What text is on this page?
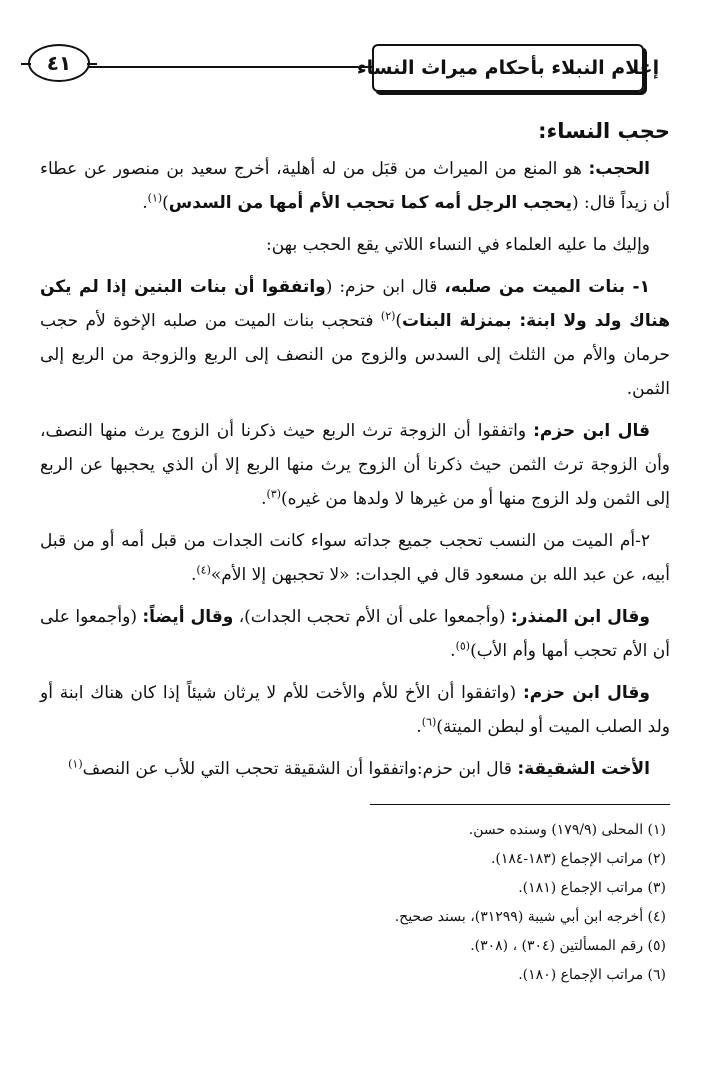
إعلام النبلاء بأحكام ميراث النساء
٤١
حجب النساء:

الحجب: هو المنع من الميراث من قبَل من له أهلية، أخرج سعيد بن منصور عن عطاء أن زيداً قال: (يحجب الرجل أمه كما تحجب الأم أمها من السدس)$^{(١)}$.

وإليك ما عليه العلماء في النساء اللاتي يقع الحجب بهن:

١- بنات الميت من صلبه، قال ابن حزم: (واتفقوا أن بنات البنين إذا لم يكن هناك ولد ولا ابنة: بمنزلة البنات)$^{(٢)}$ فتحجب بنات الميت من صلبه الإخوة لأم حجب حرمان والأم من الثلث إلى السدس والزوج من النصف إلى الربع والزوجة من الربع إلى الثمن.

قال ابن حزم: واتفقوا أن الزوجة ترث الربع حيث ذكرنا أن الزوج يرث منها النصف، وأن الزوجة ترث الثمن حيث ذكرنا أن الزوج يرث منها الربع إلا أن الذي يحجبها عن الربع إلى الثمن ولد الزوج منها أو من غيرها لا ولدها من غيره)$^{(٣)}$.

٢-أم الميت من النسب تحجب جميع جداته سواء كانت الجدات من قبل أمه أو من قبل أبيه، عن عبد الله بن مسعود قال في الجدات: «لا تحجبهن إلا الأم»$^{(٤)}$.

وقال ابن المنذر: (وأجمعوا على أن الأم تحجب الجدات)، وقال أيضاً: (وأجمعوا على أن الأم تحجب أمها وأم الأب)$^{(٥)}$.

وقال ابن حزم: (واتفقوا أن الأخ للأم والأخت للأم لا يرثان شيئاً إذا كان هناك ابنة أو ولد الصلب الميت أو لبطن الميتة)$^{(٦)}$.

الأخت الشقيقة: قال ابن حزم:واتفقوا أن الشقيقة تحجب التي للأب عن النصف$^{(١)}$

(١) المحلى (١٧٩/٩) وسنده حسن.

(٢) مراتب الإجماع (١٨٣-١٨٤).

(٣) مراتب الإجماع (١٨١).

(٤) أخرجه ابن أبي شيبة (٣١٢٩٩)، بسند صحيح.

(٥) رقم المسألتين (٣٠٤) ، (٣٠٨).

(٦) مراتب الإجماع (١٨٠).
